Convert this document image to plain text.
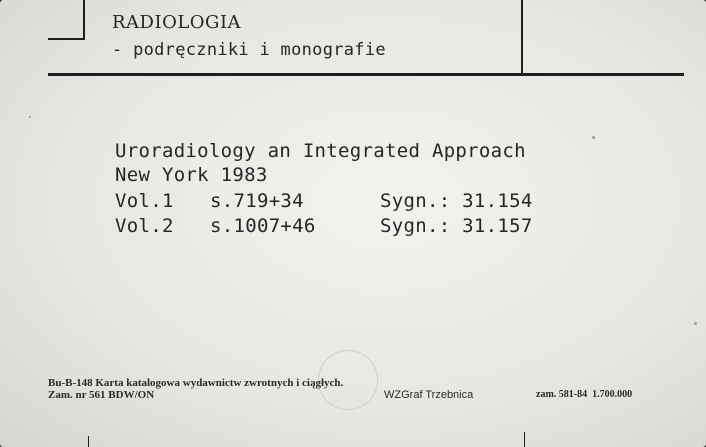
RADIOLOGIA
- podręczniki i monografie
Uroradiology an Integrated Approach
New York 1983
Vol.1 s.719+34	Sygn.: 31.154
Vol.2 s.1007+46	Sygn.: 31.157
Bu-B-148 Karta katalogowa wydawnictw zwrotnych i ciągłych.
Zam. nr 561 BDW/ON	WZGraf Trzebnica	zam. 581-84  1.700.000
